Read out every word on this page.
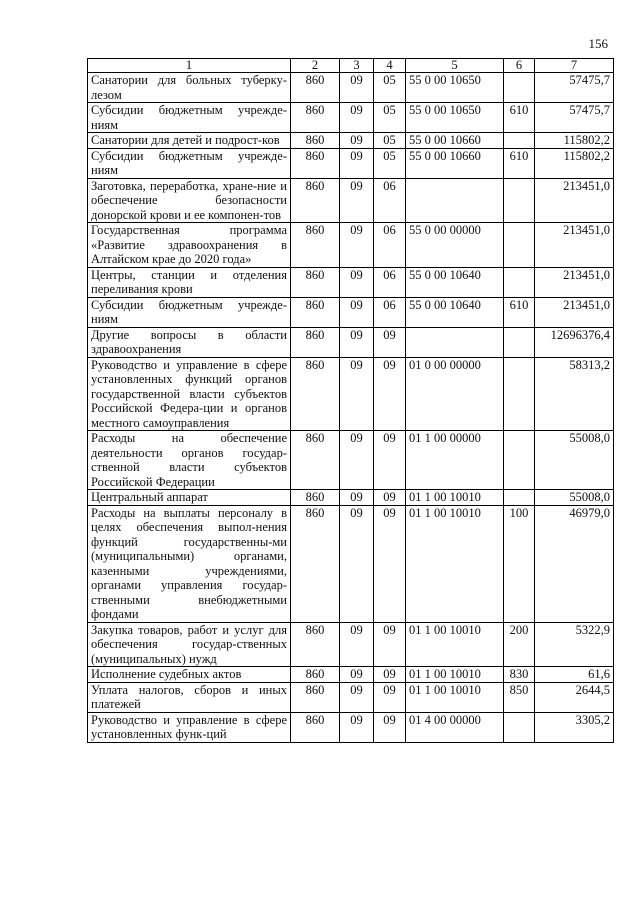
156
1	2	3	4	5	6	7
Санатории для больных туберку-лезом	860	09	05	55 0 00 10650		57475,7
Субсидии бюджетным учрежде-ниям	860	09	05	55 0 00 10650	610	57475,7
Санатории для детей и подрост-ков	860	09	05	55 0 00 10660		115802,2
Субсидии бюджетным учрежде-ниям	860	09	05	55 0 00 10660	610	115802,2
Заготовка, переработка, хране-ние и обеспечение безопасности донорской крови и ее компонен-тов	860	09	06			213451,0
Государственная программа «Развитие здравоохранения в Алтайском крае до 2020 года»	860	09	06	55 0 00 00000		213451,0
Центры, станции и отделения переливания крови	860	09	06	55 0 00 10640		213451,0
Субсидии бюджетным учрежде-ниям	860	09	06	55 0 00 10640	610	213451,0
Другие вопросы в области здравоохранения	860	09	09			12696376,4
Руководство и управление в сфере установленных функций органов государственной власти субъектов Российской Федера-ции и органов местного самоуправления	860	09	09	01 0 00 00000		58313,2
Расходы на обеспечение деятельности органов государ-ственной власти субъектов Российской Федерации	860	09	09	01 1 00 00000		55008,0
Центральный аппарат	860	09	09	01 1 00 10010		55008,0
Расходы на выплаты персоналу в целях обеспечения выпол-нения функций государственны-ми (муниципальными) органами, казенными учреждениями, органами управления государ-ственными внебюджетными фондами	860	09	09	01 1 00 10010	100	46979,0
Закупка товаров, работ и услуг для обеспечения государ-ственных (муниципальных) нужд	860	09	09	01 1 00 10010	200	5322,9
Исполнение судебных актов	860	09	09	01 1 00 10010	830	61,6
Уплата налогов, сборов и иных платежей	860	09	09	01 1 00 10010	850	2644,5
Руководство и управление в сфере установленных функ-ций	860	09	09	01 4 00 00000		3305,2
